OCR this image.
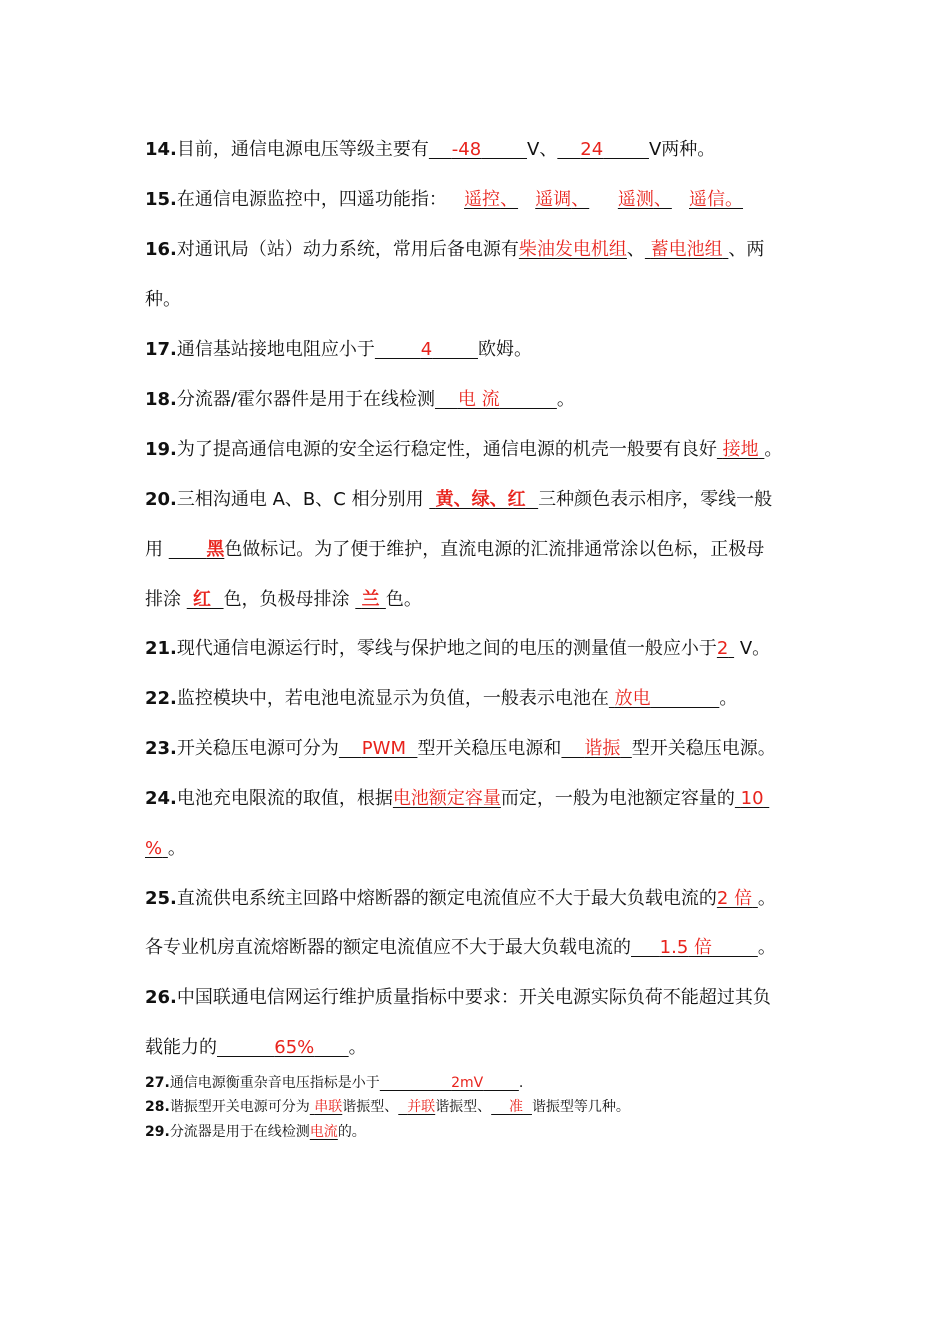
14.目前，通信电源电压等级主要有   -48    	V、   24    	V两种。
15.在通信电源监控中，四遥功能指： 遥控、 遥调、 遥测、 遥信。
16.对通讯局（站）动力系统，常用后备电源有柴油发电机组、 蓄电池组 、两
种。
17.通信基站接地电阻应小于    	4    	欧姆。
18.分流器/霍尔器件是用于在线检测   电 流     	。
19.为了提高通信电源的安全运行稳定性，通信电源的机壳一般要有良好 接地 。
20.三相沟通电 A、B、C 相分别用 黄、绿、红 三种颜色表示相序，零线一般
用     黑色做标记。为了便于维护，直流电源的汇流排通常涂以色标，正极母
排涂 红 色，负极母排涂 兰 色。
21.现代通信电源运行时，零线与保护地之间的电压的测量值一般应小于2 V。
22.监控模块中，若电池电流显示为负值，一般表示电池在 放电      	。
23.开关稳压电源可分为   PWM  型开关稳压电源和   谐振  型开关稳压电源。
24.电池充电限流的取值，根据电池额定容量而定，一般为电池额定容量的 10
% 。
25.直流供电系统主回路中熔断器的额定电流值应不大于最大负载电流的2 倍 。
各专业机房直流熔断器的额定电流值应不大于最大负载电流的   1.5 倍    	。
26.中国联通电信网运行维护质量指标中要求：开关电源实际负荷不能超过其负
载能力的     	65%    。
27.通信电源衡重杂音电压指标是小于        	2mV    	.
28.谐振型开关电源可分为 串联谐振型、  并联谐振型、   准  谐振型等几种。
29.分流器是用于在线检测电流的。
